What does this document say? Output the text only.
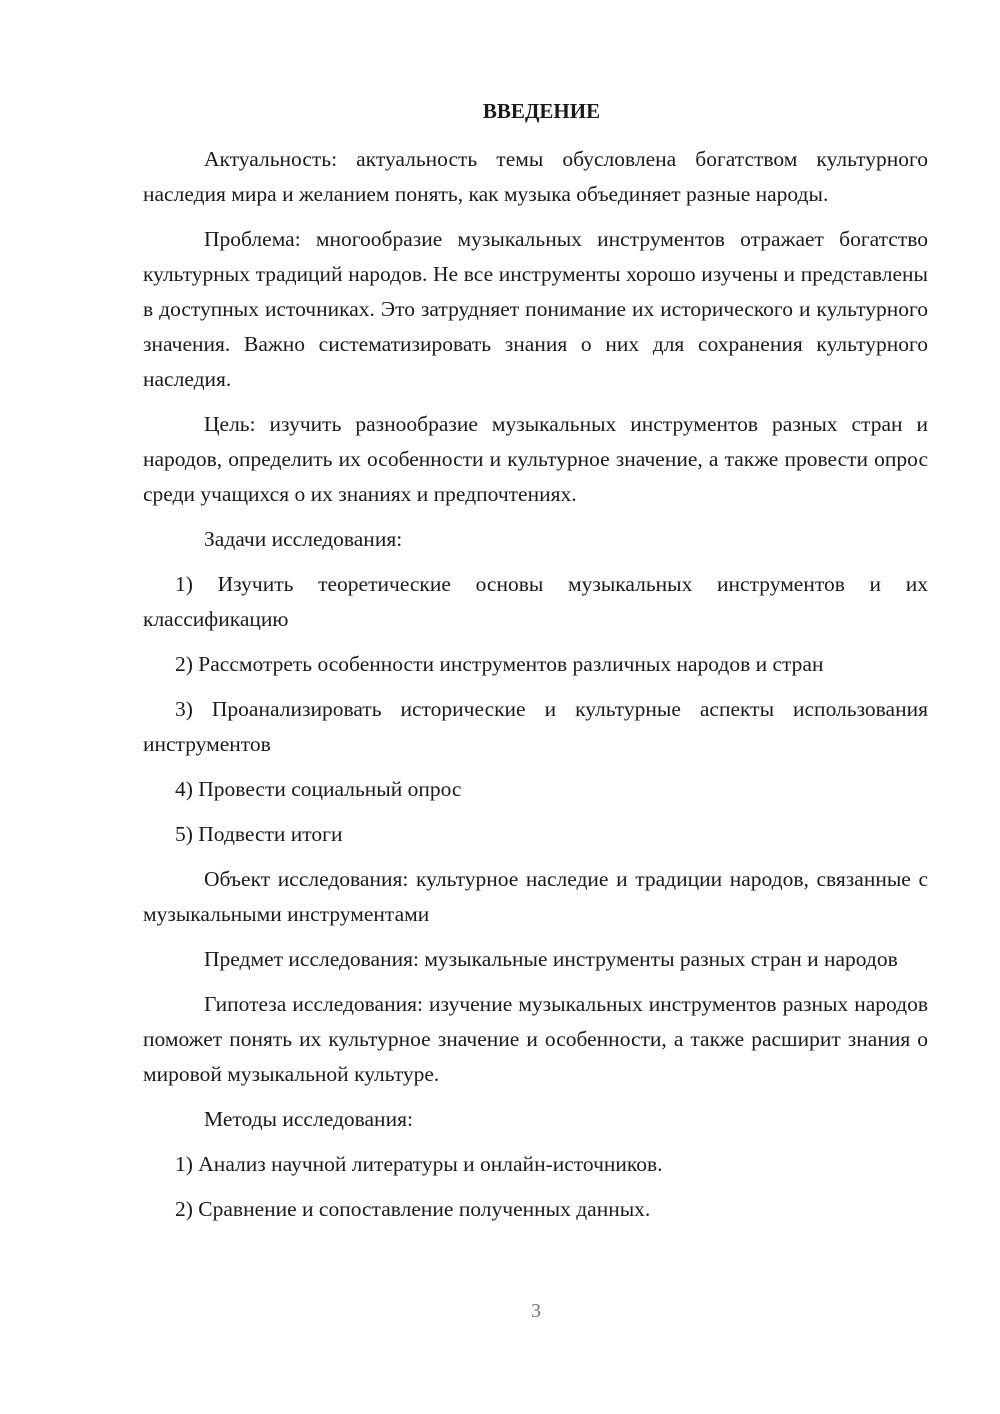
ВВЕДЕНИЕ

Актуальность: актуальность темы обусловлена богатством культурного наследия мира и желанием понять, как музыка объединяет разные народы.

Проблема: многообразие музыкальных инструментов отражает богатство культурных традиций народов. Не все инструменты хорошо изучены и представлены в доступных источниках. Это затрудняет понимание их исторического и культурного значения. Важно систематизировать знания о них для сохранения культурного наследия.

Цель: изучить разнообразие музыкальных инструментов разных стран и народов, определить их особенности и культурное значение, а также провести опрос среди учащихся о их знаниях и предпочтениях.

Задачи исследования:

1) Изучить теоретические основы музыкальных инструментов и их классификацию

2) Рассмотреть особенности инструментов различных народов и стран

3) Проанализировать исторические и культурные аспекты использования инструментов

4) Провести социальный опрос

5) Подвести итоги

Объект исследования: культурное наследие и традиции народов, связанные с музыкальными инструментами

Предмет исследования: музыкальные инструменты разных стран и народов

Гипотеза исследования: изучение музыкальных инструментов разных народов поможет понять их культурное значение и особенности, а также расширит знания о мировой музыкальной культуре.

Методы исследования:

1) Анализ научной литературы и онлайн-источников.

2) Сравнение и сопоставление полученных данных.

3
